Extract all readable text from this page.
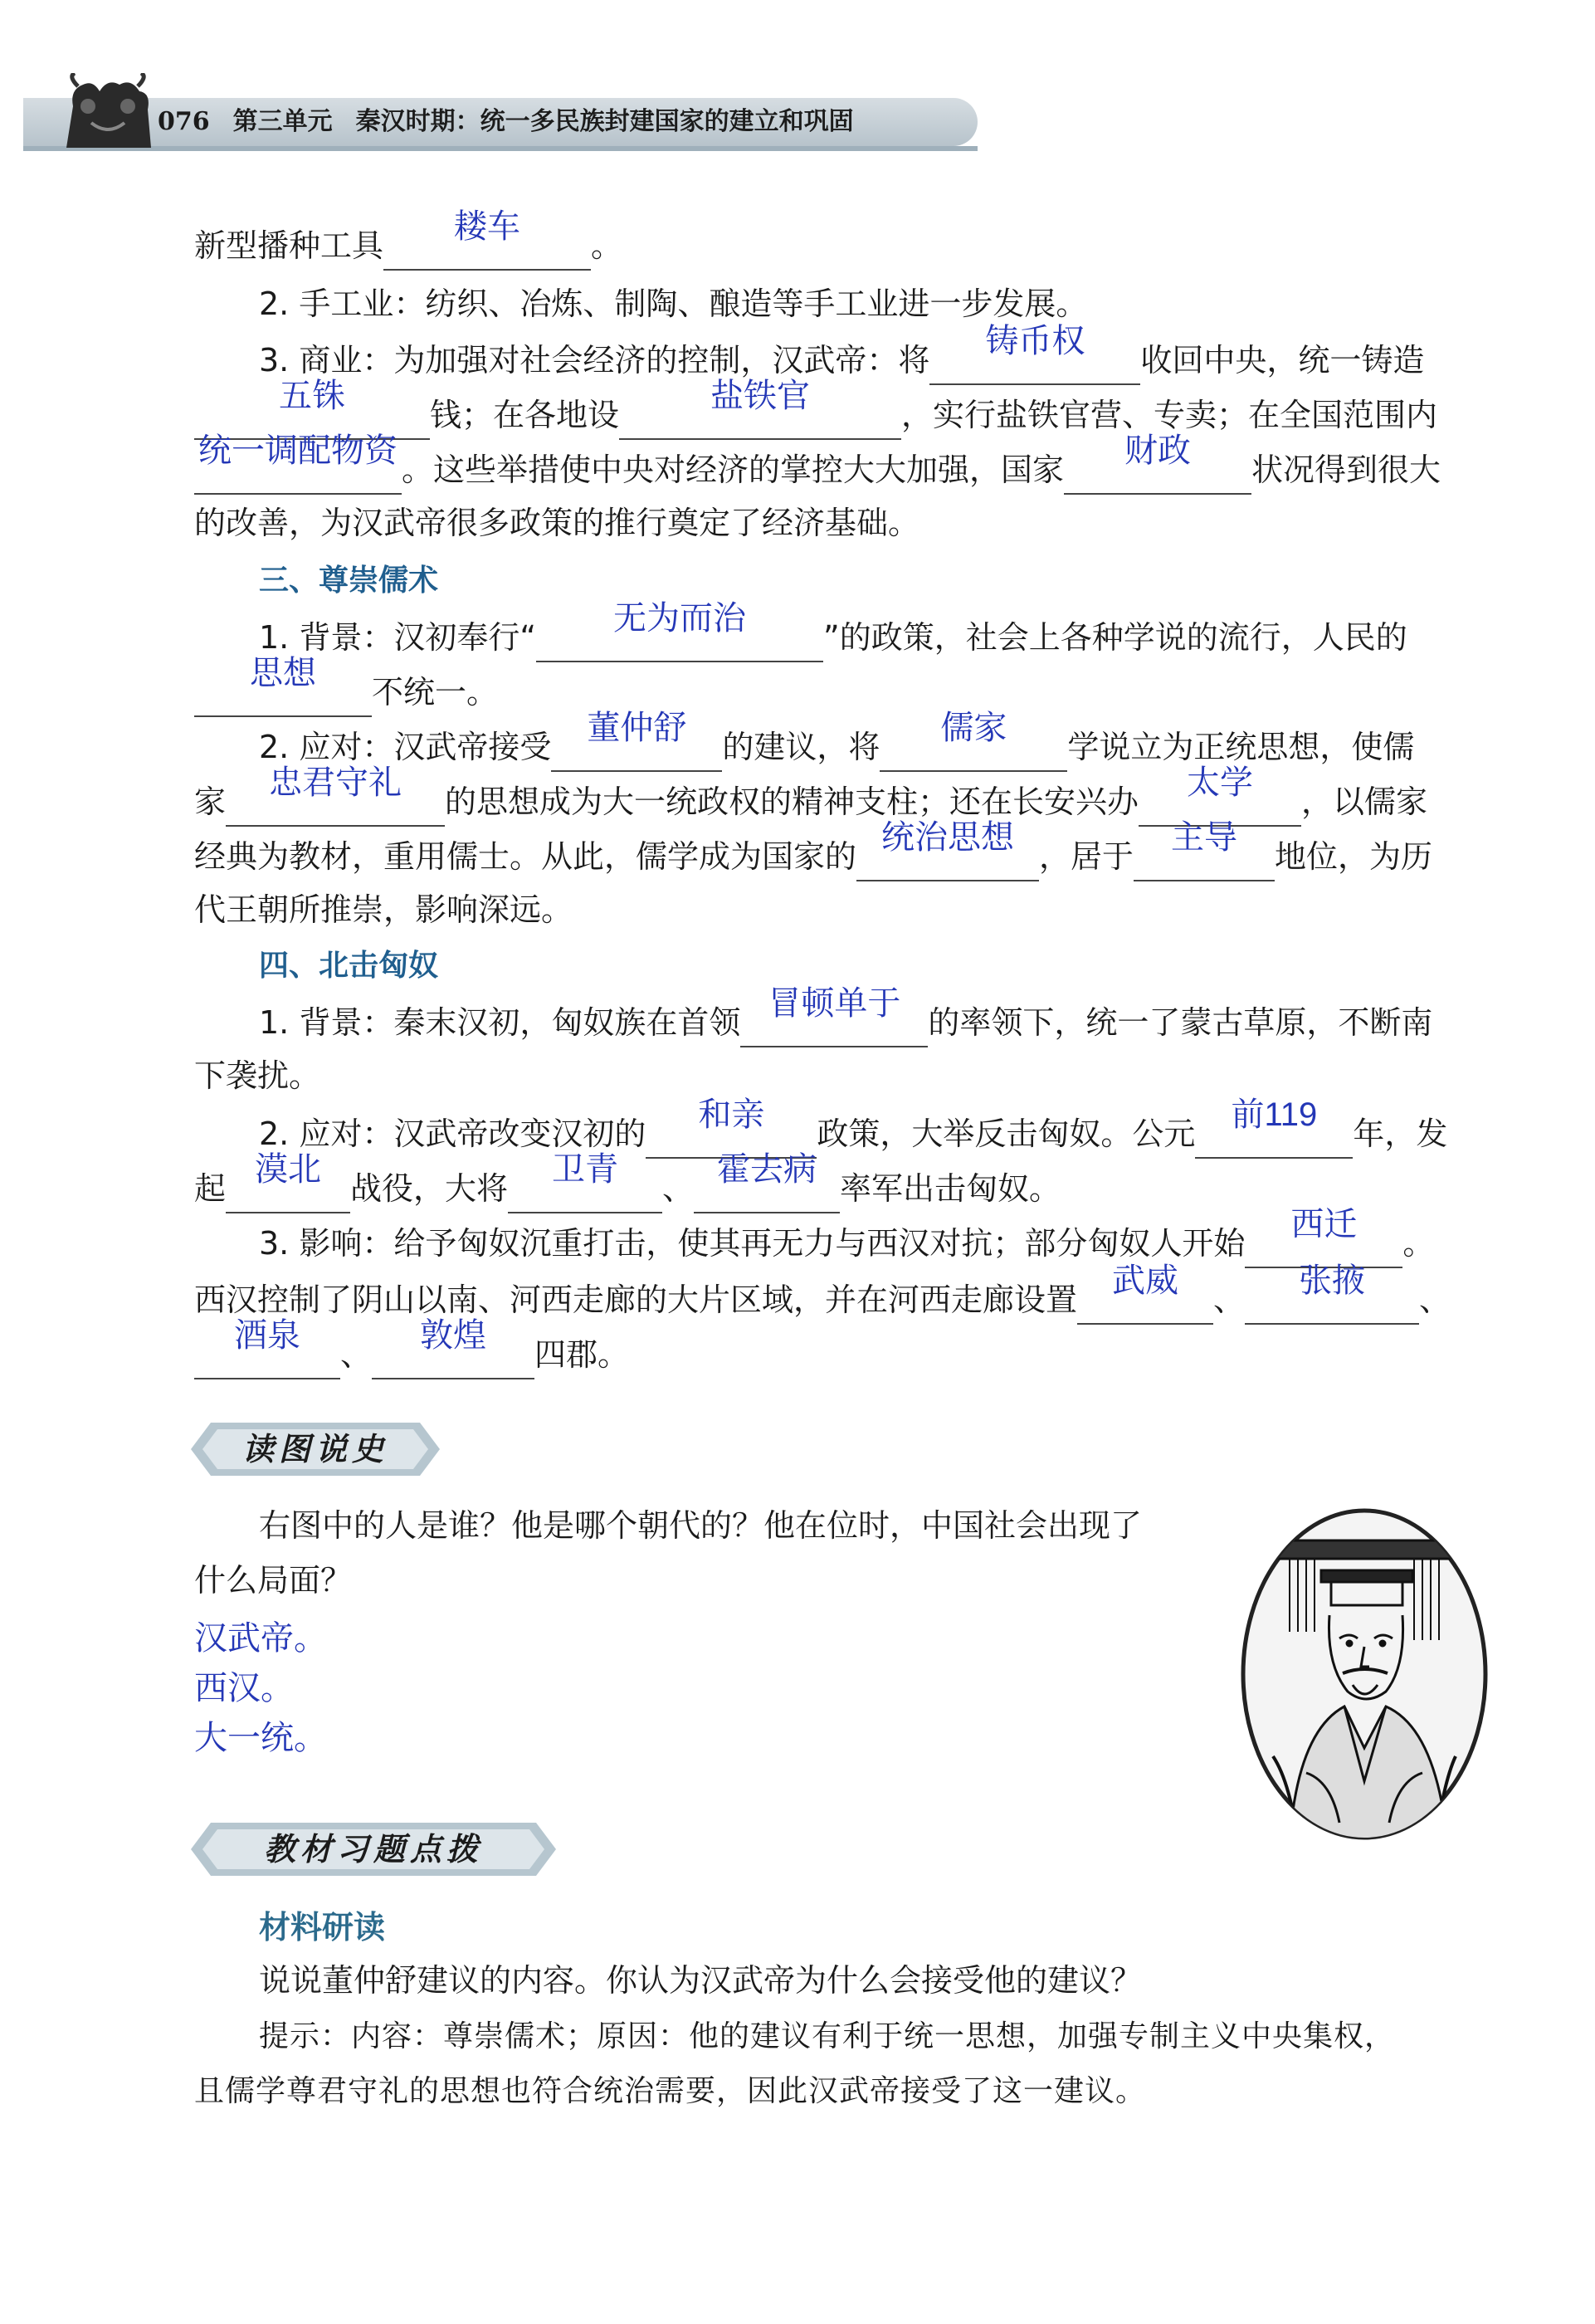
076 第三单元 秦汉时期：统一多民族封建国家的建立和巩固
新型播种工具
耧车
。
2. 手工业：纺织、冶炼、制陶、酿造等手工业进一步发展。
3. 商业：为加强对社会经济的控制，汉武帝：将
铸币权
收回中央，统一铸造
五铢
钱；在各地设
盐铁官
，实行盐铁官营、专卖；在全国范围内
统一调配物资
。这些举措使中央对经济的掌控大大加强，国家
财政
状况得到很大
的改善，为汉武帝很多政策的推行奠定了经济基础。
三、尊崇儒术
1. 背景：汉初奉行“
无为而治
”的政策，社会上各种学说的流行，人民的
思想
不统一。
2. 应对：汉武帝接受
董仲舒
的建议，将
儒家
学说立为正统思想，使儒
家
忠君守礼
的思想成为大一统政权的精神支柱；还在长安兴办
太学
，以儒家
经典为教材，重用儒士。从此，儒学成为国家的
统治思想
，居于
主导
地位，为历
代王朝所推崇，影响深远。
四、北击匈奴
1. 背景：秦末汉初，匈奴族在首领
冒顿单于
的率领下，统一了蒙古草原，不断南
下袭扰。
2. 应对：汉武帝改变汉初的
和亲
政策，大举反击匈奴。公元
前119
年，发
起
漠北
战役，大将
卫青
、
霍去病
率军出击匈奴。
3. 影响：给予匈奴沉重打击，使其再无力与西汉对抗；部分匈奴人开始
西迁
。
西汉控制了阴山以南、河西走廊的大片区域，并在河西走廊设置
武威
、
张掖
、
酒泉
、
敦煌
四郡。
读图说史
右图中的人是谁？他是哪个朝代的？他在位时，中国社会出现了
什么局面？
汉武帝。
西汉。
大一统。
教材习题点拨
材料研读
说说董仲舒建议的内容。你认为汉武帝为什么会接受他的建议？
提示：内容：尊崇儒术；原因：他的建议有利于统一思想，加强专制主义中央集权，
且儒学尊君守礼的思想也符合统治需要，因此汉武帝接受了这一建议。
